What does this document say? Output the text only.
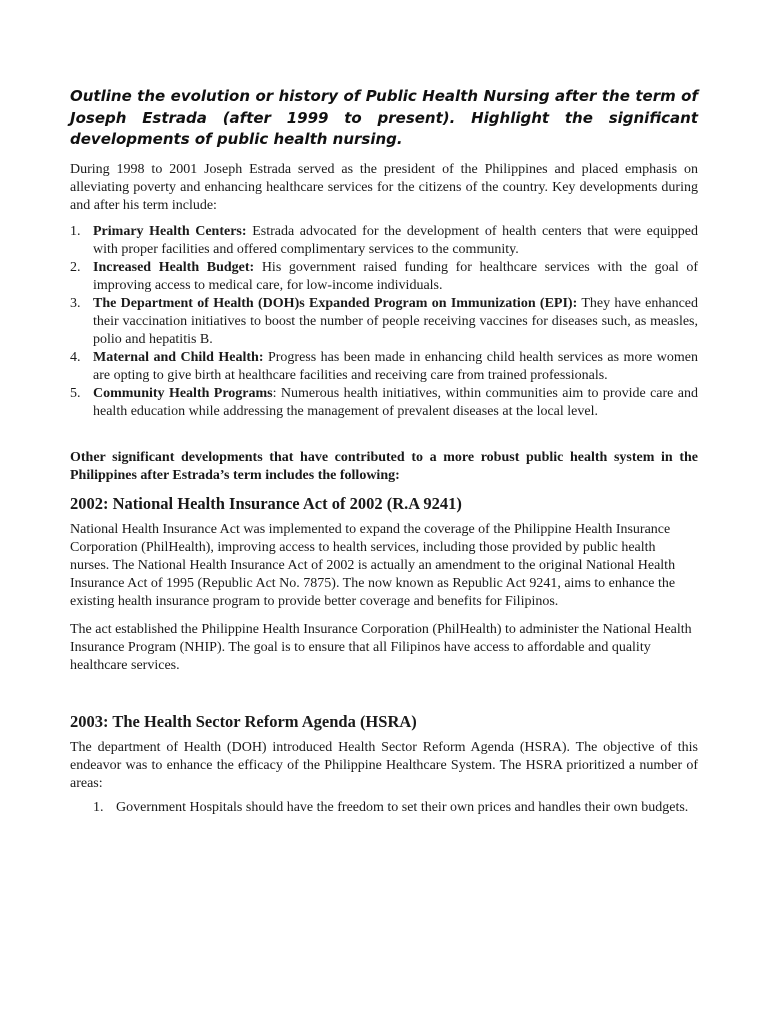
Outline the evolution or history of Public Health Nursing after the term of Joseph Estrada (after 1999 to present). Highlight the significant developments of public health nursing.

During 1998 to 2001 Joseph Estrada served as the president of the Philippines and placed emphasis on alleviating poverty and enhancing healthcare services for the citizens of the country. Key developments during and after his term include:

1. Primary Health Centers: Estrada advocated for the development of health centers that were equipped with proper facilities and offered complimentary services to the community.
2. Increased Health Budget: His government raised funding for healthcare services with the goal of improving access to medical care, for low-income individuals.
3. The Department of Health (DOH)s Expanded Program on Immunization (EPI): They have enhanced their vaccination initiatives to boost the number of people receiving vaccines for diseases such, as measles, polio and hepatitis B.
4. Maternal and Child Health: Progress has been made in enhancing child health services as more women are opting to give birth at healthcare facilities and receiving care from trained professionals.
5. Community Health Programs: Numerous health initiatives, within communities aim to provide care and health education while addressing the management of prevalent diseases at the local level.

Other significant developments that have contributed to a more robust public health system in the Philippines after Estrada’s term includes the following:

2002: National Health Insurance Act of 2002 (R.A 9241)

National Health Insurance Act was implemented to expand the coverage of the Philippine Health Insurance Corporation (PhilHealth), improving access to health services, including those provided by public health nurses. The National Health Insurance Act of 2002 is actually an amendment to the original National Health Insurance Act of 1995 (Republic Act No. 7875). The now known as Republic Act 9241, aims to enhance the existing health insurance program to provide better coverage and benefits for Filipinos.

The act established the Philippine Health Insurance Corporation (PhilHealth) to administer the National Health Insurance Program (NHIP). The goal is to ensure that all Filipinos have access to affordable and quality healthcare services.

2003: The Health Sector Reform Agenda (HSRA)

The department of Health (DOH) introduced Health Sector Reform Agenda (HSRA). The objective of this endeavor was to enhance the efficacy of the Philippine Healthcare System. The HSRA prioritized a number of areas:

1. Government Hospitals should have the freedom to set their own prices and handles their own budgets.
